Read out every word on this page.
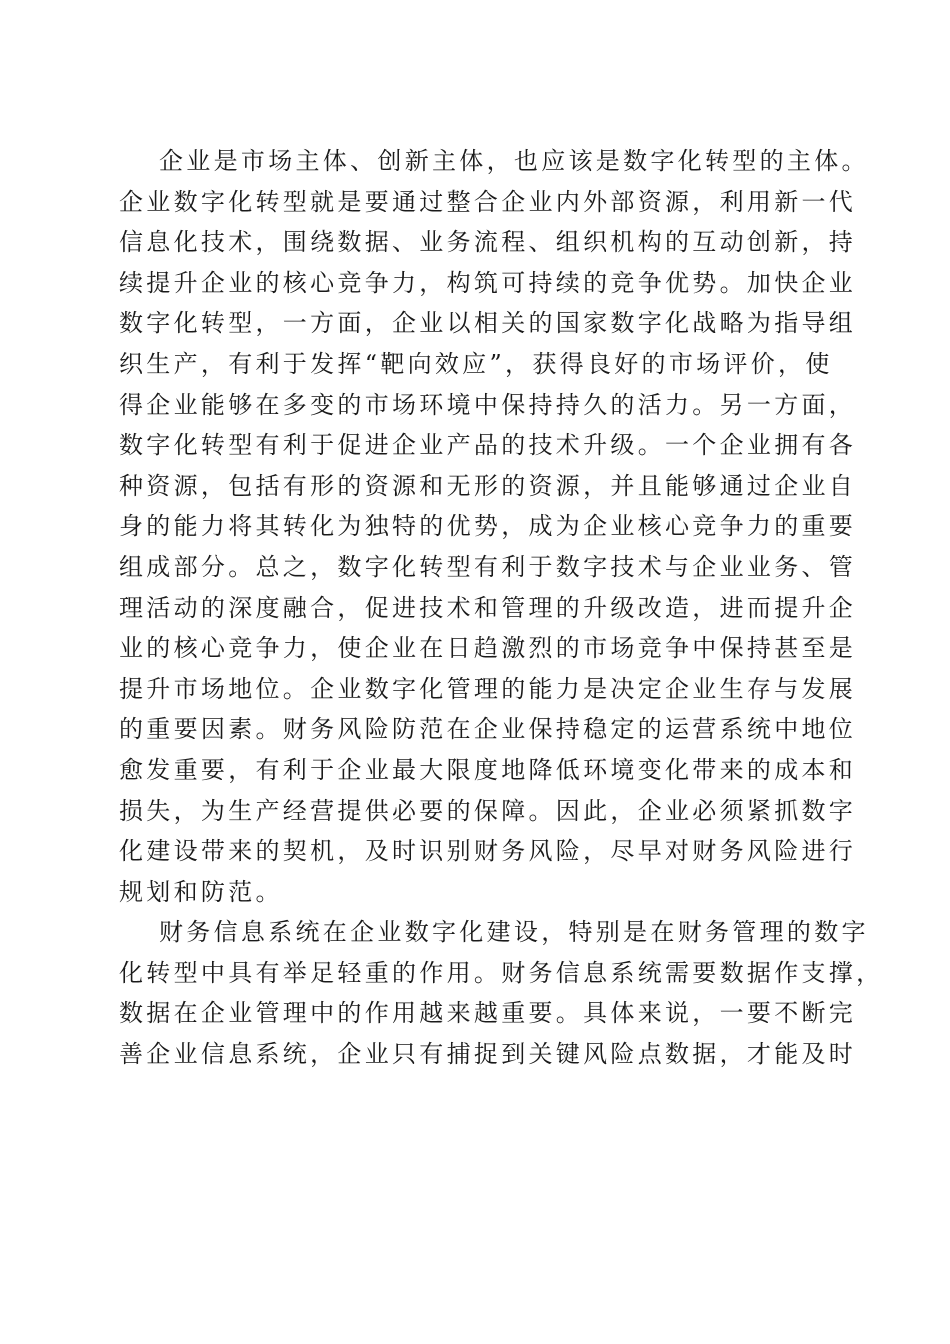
企业是市场主体、创新主体，也应该是数字化转型的主体。
企业数字化转型就是要通过整合企业内外部资源，利用新一代
信息化技术，围绕数据、业务流程、组织机构的互动创新，持
续提升企业的核心竞争力，构筑可持续的竞争优势。加快企业
数字化转型，一方面，企业以相关的国家数字化战略为指导组
织生产，有利于发挥“靶向效应”，获得良好的市场评价，使
得企业能够在多变的市场环境中保持持久的活力。另一方面，
数字化转型有利于促进企业产品的技术升级。一个企业拥有各
种资源，包括有形的资源和无形的资源，并且能够通过企业自
身的能力将其转化为独特的优势，成为企业核心竞争力的重要
组成部分。总之，数字化转型有利于数字技术与企业业务、管
理活动的深度融合，促进技术和管理的升级改造，进而提升企
业的核心竞争力，使企业在日趋激烈的市场竞争中保持甚至是
提升市场地位。企业数字化管理的能力是决定企业生存与发展
的重要因素。财务风险防范在企业保持稳定的运营系统中地位
愈发重要，有利于企业最大限度地降低环境变化带来的成本和
损失，为生产经营提供必要的保障。因此，企业必须紧抓数字
化建设带来的契机，及时识别财务风险，尽早对财务风险进行
规划和防范。
财务信息系统在企业数字化建设，特别是在财务管理的数字
化转型中具有举足轻重的作用。财务信息系统需要数据作支撑，
数据在企业管理中的作用越来越重要。具体来说，一要不断完
善企业信息系统，企业只有捕捉到关键风险点数据，才能及时
